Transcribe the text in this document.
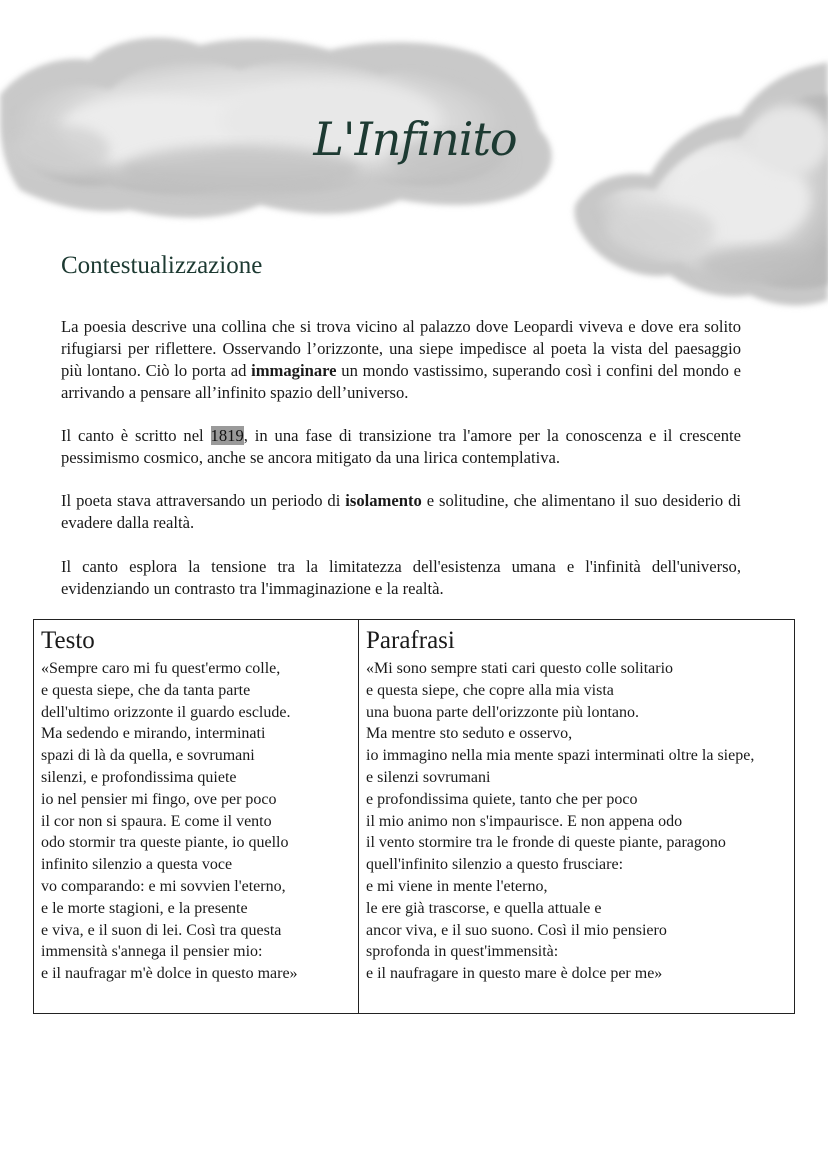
L'Infinito
Contestualizzazione

La poesia descrive una collina che si trova vicino al palazzo dove Leopardi viveva e dove era solito rifugiarsi per riflettere. Osservando l’orizzonte, una siepe impedisce al poeta la vista del paesaggio più lontano. Ciò lo porta ad immaginare un mondo vastissimo, superando così i confini del mondo e arrivando a pensare all’infinito spazio dell’universo.

Il canto è scritto nel 1819, in una fase di transizione tra l'amore per la conoscenza e il crescente pessimismo cosmico, anche se ancora mitigato da una lirica contemplativa.

Il poeta stava attraversando un periodo di isolamento e solitudine, che alimentano il suo desiderio di evadere dalla realtà.

Il canto esplora la tensione tra la limitatezza dell'esistenza umana e l'infinità dell'universo, evidenziando un contrasto tra l'immaginazione e la realtà.

Testo

«Sempre caro mi fu quest'ermo colle,

e questa siepe, che da tanta parte

dell'ultimo orizzonte il guardo esclude.

Ma sedendo e mirando, interminati

spazi di là da quella, e sovrumani

silenzi, e profondissima quiete

io nel pensier mi fingo, ove per poco

il cor non si spaura. E come il vento

odo stormir tra queste piante, io quello

infinito silenzio a questa voce

vo comparando: e mi sovvien l'eterno,

e le morte stagioni, e la presente

e viva, e il suon di lei. Così tra questa

immensità s'annega il pensier mio:

e il naufragar m'è dolce in questo mare»

Parafrasi

«Mi sono sempre stati cari questo colle solitario

e questa siepe, che copre alla mia vista

una buona parte dell'orizzonte più lontano.

Ma mentre sto seduto e osservo,

io immagino nella mia mente spazi interminati oltre la siepe,

e silenzi sovrumani

e profondissima quiete, tanto che per poco

il mio animo non s'impaurisce. E non appena odo

il vento stormire tra le fronde di queste piante, paragono

quell'infinito silenzio a questo frusciare:

e mi viene in mente l'eterno,

le ere già trascorse, e quella attuale e

ancor viva, e il suo suono. Così il mio pensiero

sprofonda in quest'immensità:

e il naufragare in questo mare è dolce per me»
